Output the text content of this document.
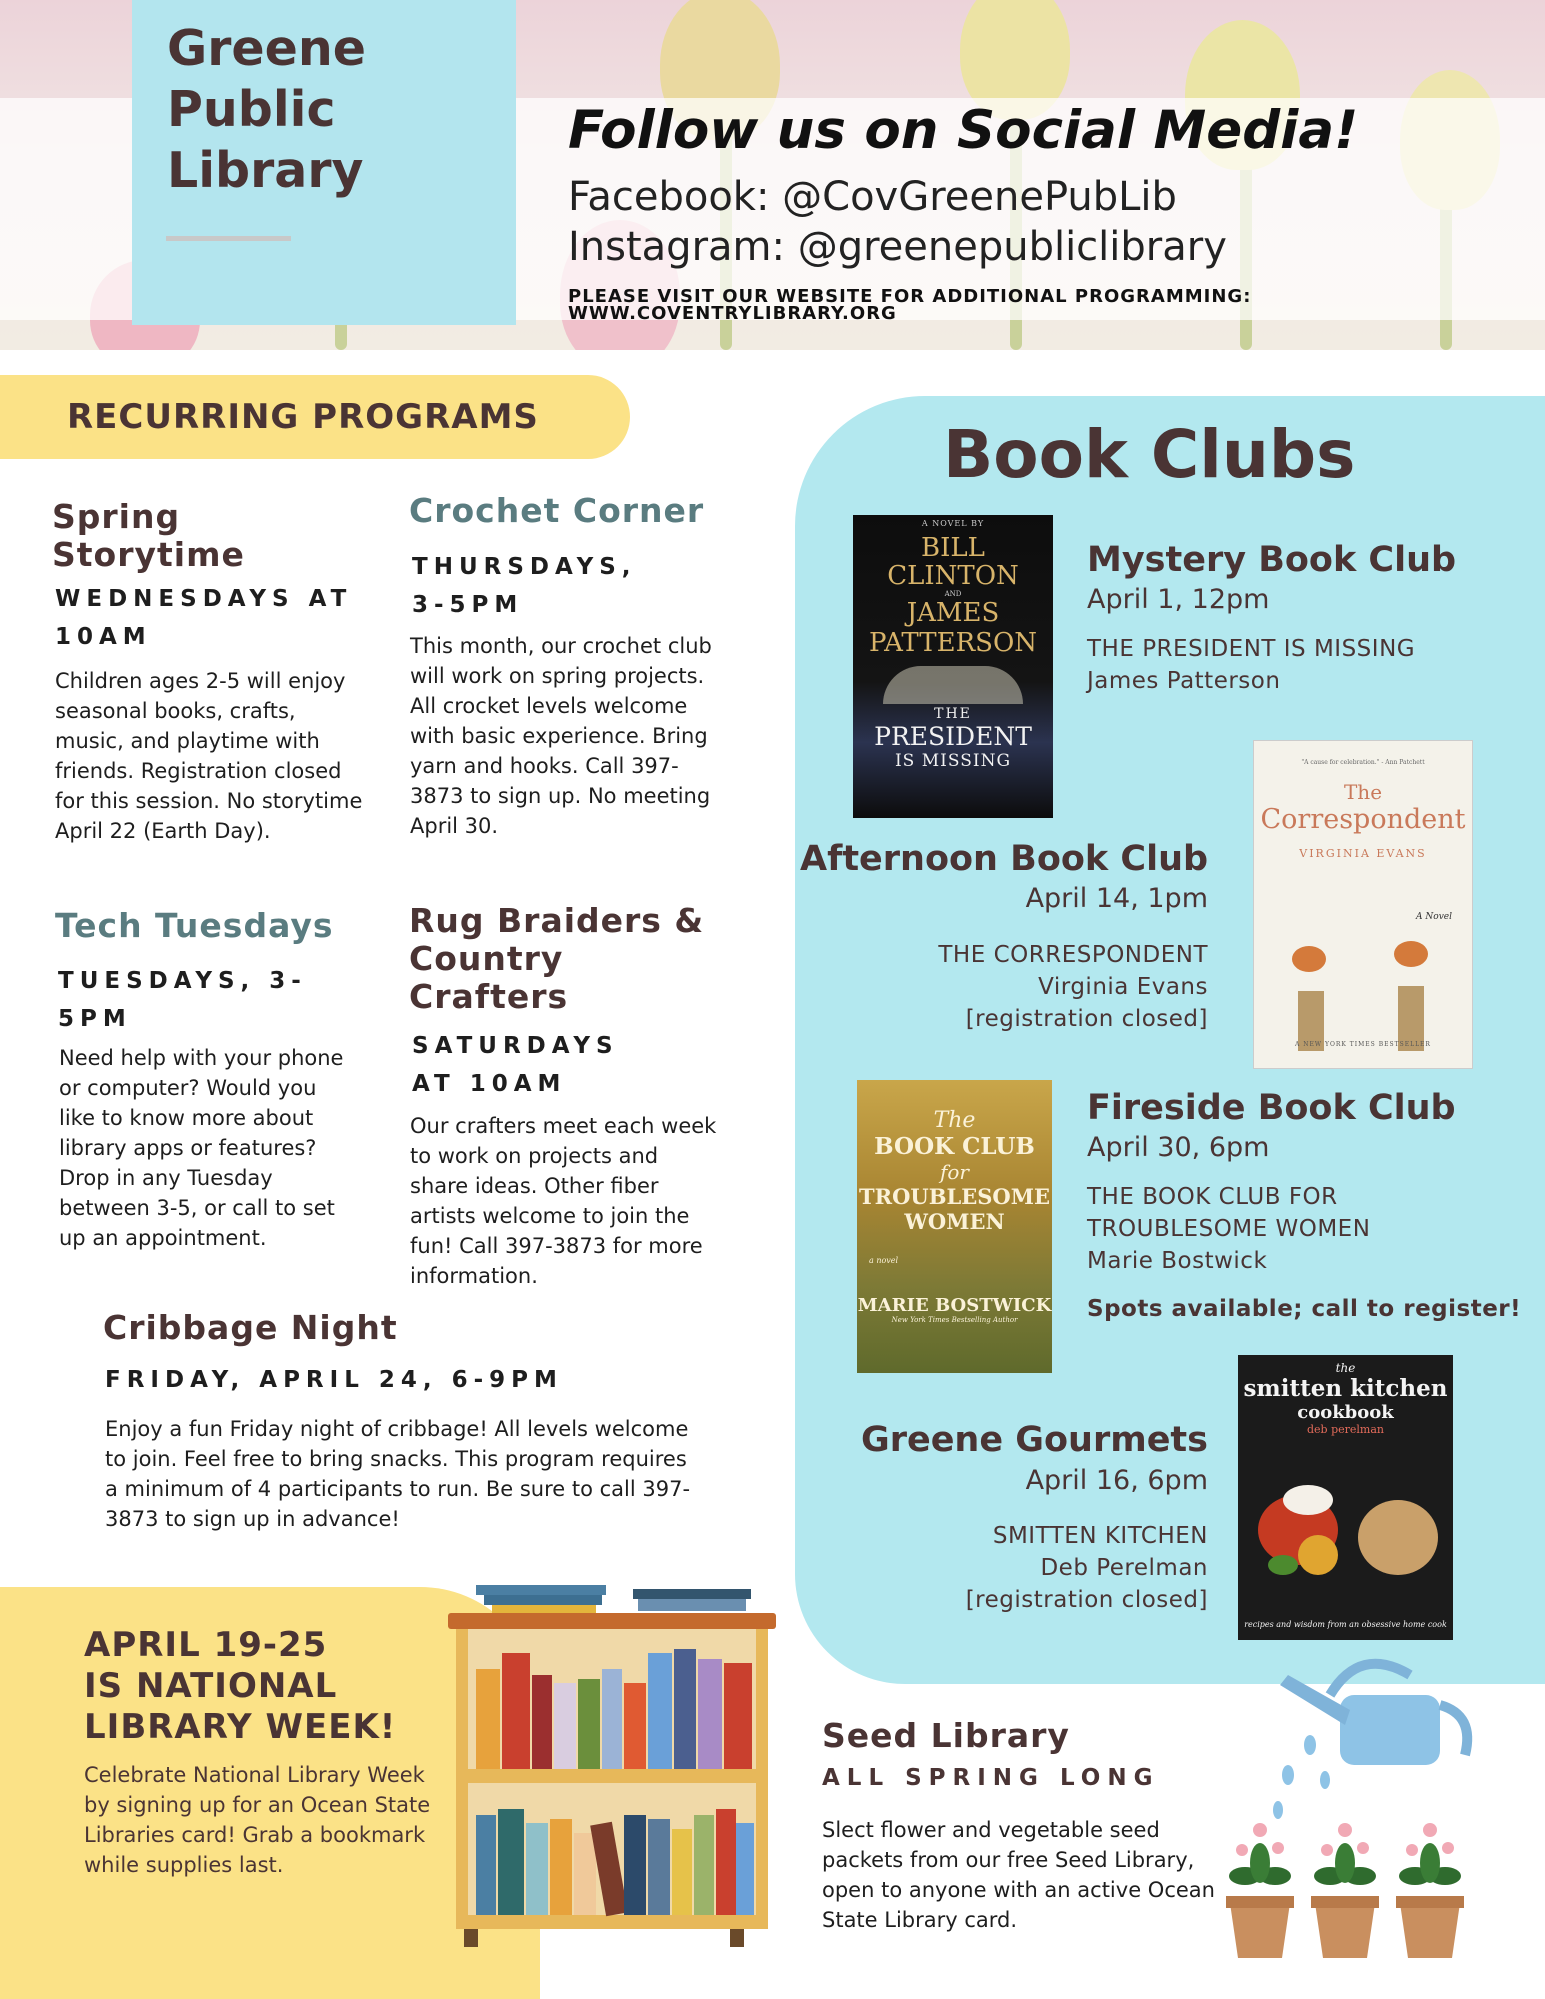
Greene Public Library
Follow us on Social Media!
Facebook: @CovGreenePubLib
Instagram: @greenepubliclibrary
PLEASE VISIT OUR WEBSITE FOR ADDITIONAL PROGRAMMING: WWW.COVENTRYLIBRARY.ORG
RECURRING PROGRAMS
Spring Storytime
WEDNESDAYS AT 10AM
Children ages 2-5 will enjoy seasonal books, crafts, music, and playtime with friends. Registration closed for this session. No storytime April 22 (Earth Day).
Crochet Corner
THURSDAYS, 3-5PM
This month, our crochet club will work on spring projects. All crocket levels welcome with basic experience. Bring yarn and hooks. Call 397-3873 to sign up. No meeting April 30.
Tech Tuesdays
TUESDAYS, 3-5PM
Need help with your phone or computer? Would you like to know more about library apps or features? Drop in any Tuesday between 3-5, or call to set up an appointment.
Rug Braiders & Country Crafters
SATURDAYS AT 10AM
Our crafters meet each week to work on projects and share ideas. Other fiber artists welcome to join the fun! Call 397-3873 for more information.
Cribbage Night
FRIDAY, APRIL 24, 6-9PM
Enjoy a fun Friday night of cribbage! All levels welcome to join. Feel free to bring snacks. This program requires a minimum of 4 participants to run. Be sure to call 397-3873 to sign up in advance!
Book Clubs
A NOVEL BY
BILL CLINTON
AND
JAMES PATTERSON
THE
PRESIDENT
IS MISSING
Mystery Book Club
April 1, 12pm
THE PRESIDENT IS MISSING
James Patterson
"A cause for celebration." - Ann Patchett
The
Correspondent
VIRGINIA EVANS
A Novel
A NEW YORK TIMES BESTSELLER
Afternoon Book Club
April 14, 1pm
THE CORRESPONDENT
Virginia Evans
[registration closed]
The
BOOK CLUB
for
TROUBLESOME
WOMEN
a novel
MARIE BOSTWICK
New York Times Bestselling Author
Fireside Book Club
April 30, 6pm
THE BOOK CLUB FOR TROUBLESOME WOMEN
Marie Bostwick
Spots available; call to register!
the
smitten kitchen
cookbook
deb perelman
recipes and wisdom from an obsessive home cook
Greene Gourmets
April 16, 6pm
SMITTEN KITCHEN
Deb Perelman
[registration closed]
APRIL 19-25
IS NATIONAL
LIBRARY WEEK!
Celebrate National Library Week by signing up for an Ocean State Libraries card! Grab a bookmark while supplies last.
Seed Library
ALL SPRING LONG
Slect flower and vegetable seed packets from our free Seed Library, open to anyone with an active Ocean State Library card.
